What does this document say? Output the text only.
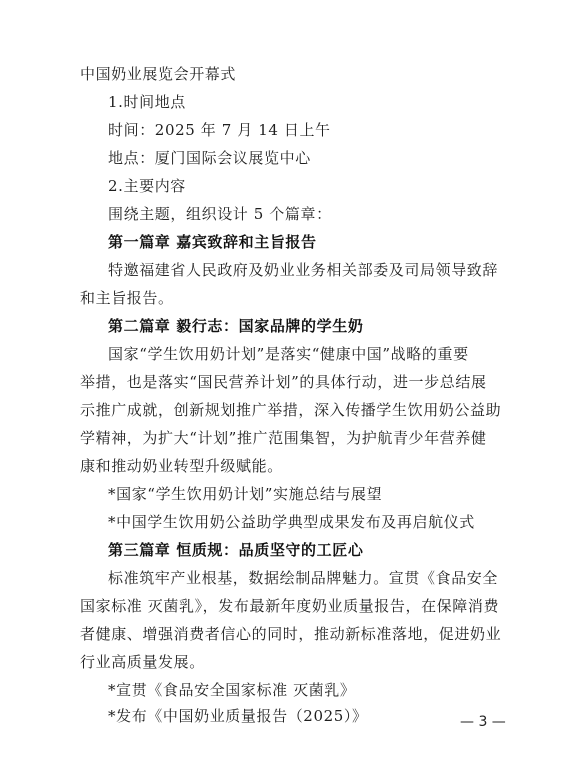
中国奶业展览会开幕式
1.时间地点
时间：2025 年 7 月 14 日上午
地点：厦门国际会议展览中心
2.主要内容
围绕主题，组织设计 5 个篇章：
第一篇章 嘉宾致辞和主旨报告
特邀福建省人民政府及奶业业务相关部委及司局领导致辞
和主旨报告。
第二篇章 毅行志：国家品牌的学生奶
国家“学生饮用奶计划”是落实“健康中国”战略的重要
举措，也是落实“国民营养计划”的具体行动，进一步总结展
示推广成就，创新规划推广举措，深入传播学生饮用奶公益助
学精神，为扩大“计划”推广范围集智，为护航青少年营养健
康和推动奶业转型升级赋能。
*国家“学生饮用奶计划”实施总结与展望
*中国学生饮用奶公益助学典型成果发布及再启航仪式
第三篇章 恒质规：品质坚守的工匠心
标准筑牢产业根基，数据绘制品牌魅力。宣贯《食品安全
国家标准 灭菌乳》，发布最新年度奶业质量报告，在保障消费
者健康、增强消费者信心的同时，推动新标准落地，促进奶业
行业高质量发展。
*宣贯《食品安全国家标准 灭菌乳》
*发布《中国奶业质量报告（2025）》	— 3 —
